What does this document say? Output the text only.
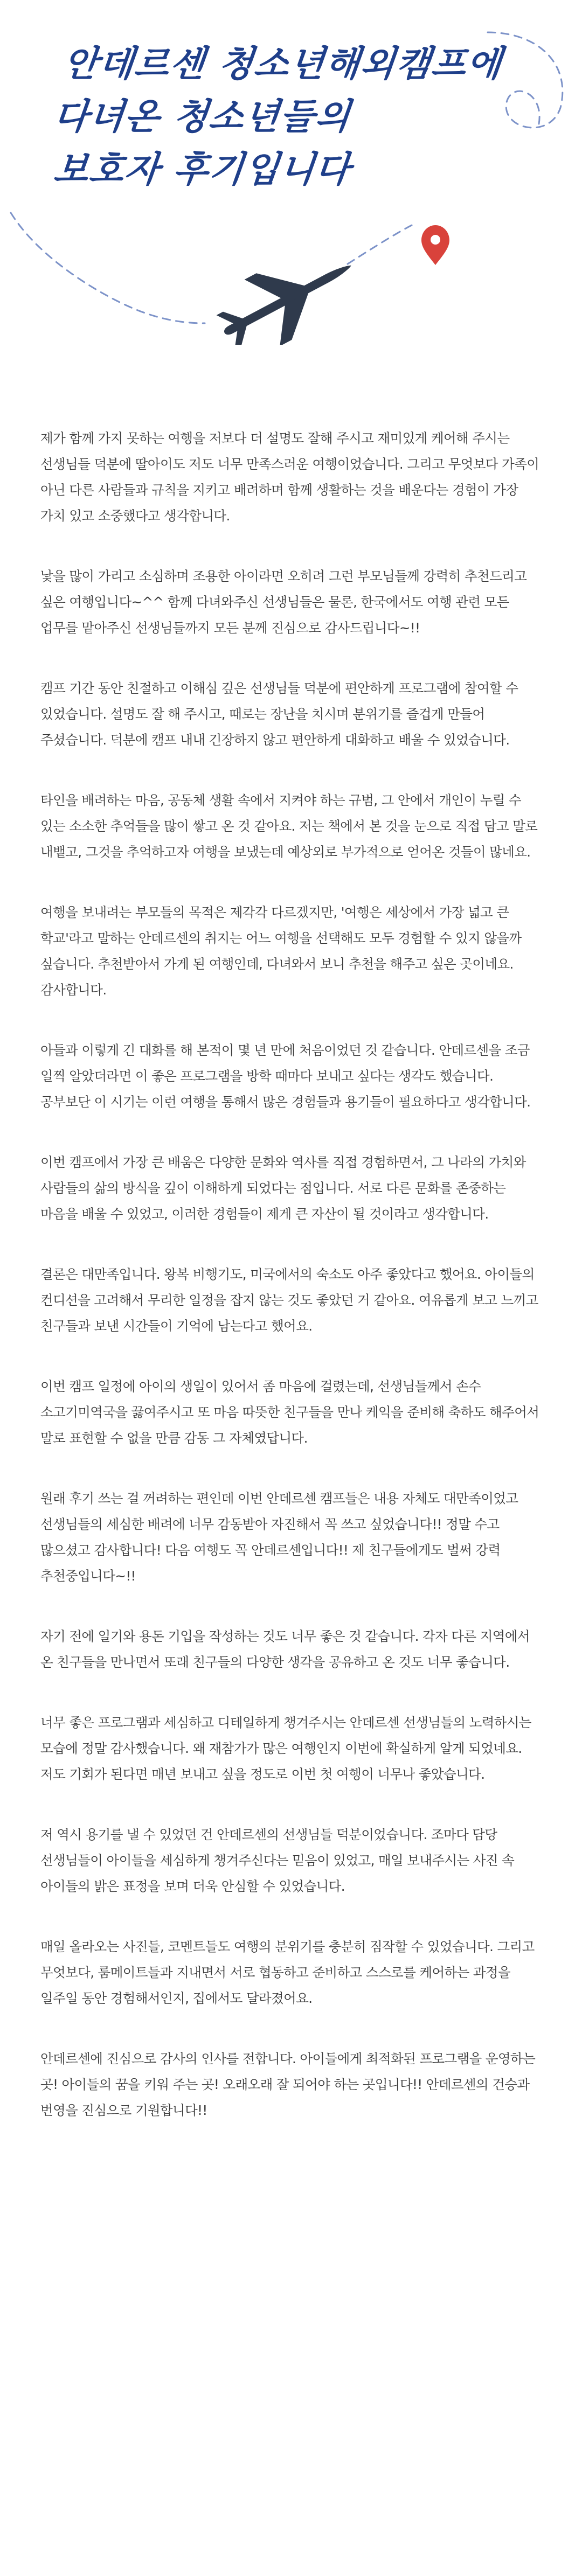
안데르센 청소년해외캠프에
다녀온 청소년들의
보호자 후기입니다

제가 함께 가지 못하는 여행을 저보다 더 설명도 잘해 주시고 재미있게 케어해 주시는 선생님들 덕분에 딸아이도 저도 너무 만족스러운 여행이었습니다. 그리고 무엇보다 가족이 아닌 다른 사람들과 규칙을 지키고 배려하며 함께 생활하는 것을 배운다는 경험이 가장 가치 있고 소중했다고 생각합니다.

낯을 많이 가리고 소심하며 조용한 아이라면 오히려 그런 부모님들께 강력히 추천드리고 싶은 여행입니다~^^ 함께 다녀와주신 선생님들은 물론, 한국에서도 여행 관련 모든 업무를 맡아주신 선생님들까지 모든 분께 진심으로 감사드립니다~!!

캠프 기간 동안 친절하고 이해심 깊은 선생님들 덕분에 편안하게 프로그램에 참여할 수 있었습니다. 설명도 잘 해 주시고, 때로는 장난을 치시며 분위기를 즐겁게 만들어 주셨습니다. 덕분에 캠프 내내 긴장하지 않고 편안하게 대화하고 배울 수 있었습니다.

타인을 배려하는 마음, 공동체 생활 속에서 지켜야 하는 규범, 그 안에서 개인이 누릴 수 있는 소소한 추억들을 많이 쌓고 온 것 같아요. 저는 책에서 본 것을 눈으로 직접 담고 말로 내뱉고, 그것을 추억하고자 여행을 보냈는데 예상외로 부가적으로 얻어온 것들이 많네요.

여행을 보내려는 부모들의 목적은 제각각 다르겠지만, '여행은 세상에서 가장 넓고 큰 학교'라고 말하는 안데르센의 취지는 어느 여행을 선택해도 모두 경험할 수 있지 않을까 싶습니다. 추천받아서 가게 된 여행인데, 다녀와서 보니 추천을 해주고 싶은 곳이네요. 감사합니다.

아들과 이렇게 긴 대화를 해 본적이 몇 년 만에 처음이었던 것 같습니다. 안데르센을 조금 일찍 알았더라면 이 좋은 프로그램을 방학 때마다 보내고 싶다는 생각도 했습니다. 공부보단 이 시기는 이런 여행을 통해서 많은 경험들과 용기들이 필요하다고 생각합니다.

이번 캠프에서 가장 큰 배움은 다양한 문화와 역사를 직접 경험하면서, 그 나라의 가치와 사람들의 삶의 방식을 깊이 이해하게 되었다는 점입니다. 서로 다른 문화를 존중하는 마음을 배울 수 있었고, 이러한 경험들이 제게 큰 자산이 될 것이라고 생각합니다.

결론은 대만족입니다. 왕복 비행기도, 미국에서의 숙소도 아주 좋았다고 했어요. 아이들의 컨디션을 고려해서 무리한 일정을 잡지 않는 것도 좋았던 거 같아요. 여유롭게 보고 느끼고 친구들과 보낸 시간들이 기억에 남는다고 했어요.

이번 캠프 일정에 아이의 생일이 있어서 좀 마음에 걸렸는데, 선생님들께서 손수 소고기미역국을 끓여주시고 또 마음 따뜻한 친구들을 만나 케익을 준비해 축하도 해주어서 말로 표현할 수 없을 만큼 감동 그 자체였답니다.

원래 후기 쓰는 걸 꺼려하는 편인데 이번 안데르센 캠프들은 내용 자체도 대만족이었고 선생님들의 세심한 배려에 너무 감동받아 자진해서 꼭 쓰고 싶었습니다!! 정말 수고 많으셨고 감사합니다! 다음 여행도 꼭 안데르센입니다!! 제 친구들에게도 벌써 강력 추천중입니다~!!

자기 전에 일기와 용돈 기입을 작성하는 것도 너무 좋은 것 같습니다. 각자 다른 지역에서 온 친구들을 만나면서 또래 친구들의 다양한 생각을 공유하고 온 것도 너무 좋습니다.

너무 좋은 프로그램과 세심하고 디테일하게 챙겨주시는 안데르센 선생님들의 노력하시는 모습에 정말 감사했습니다. 왜 재참가가 많은 여행인지 이번에 확실하게 알게 되었네요. 저도 기회가 된다면 매년 보내고 싶을 정도로 이번 첫 여행이 너무나 좋았습니다.

저 역시 용기를 낼 수 있었던 건 안데르센의 선생님들 덕분이었습니다. 조마다 담당 선생님들이 아이들을 세심하게 챙겨주신다는 믿음이 있었고, 매일 보내주시는 사진 속 아이들의 밝은 표정을 보며 더욱 안심할 수 있었습니다.

매일 올라오는 사진들, 코멘트들도 여행의 분위기를 충분히 짐작할 수 있었습니다. 그리고 무엇보다, 룸메이트들과 지내면서 서로 협동하고 준비하고 스스로를 케어하는 과정을 일주일 동안 경험해서인지, 집에서도 달라졌어요.

안데르센에 진심으로 감사의 인사를 전합니다. 아이들에게 최적화된 프로그램을 운영하는 곳! 아이들의 꿈을 키워 주는 곳! 오래오래 잘 되어야 하는 곳입니다!! 안데르센의 건승과 번영을 진심으로 기원합니다!!
